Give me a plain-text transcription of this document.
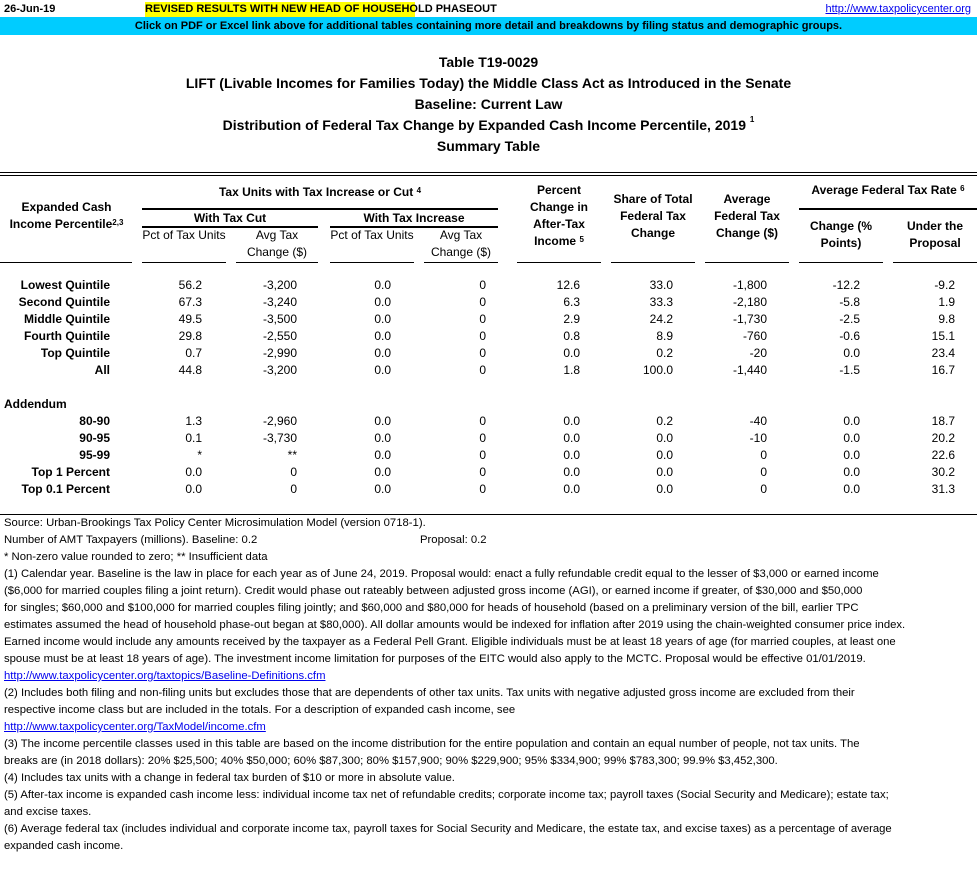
26-Jun-19	REVISED RESULTS WITH NEW HEAD OF HOUSEHOLD PHASEOUT	http://www.taxpolicycenter.org
Click on PDF or Excel link above for additional tables containing more detail and breakdowns by filing status and demographic groups.
Table T19-0029
LIFT (Livable Incomes for Families Today) the Middle Class Act as Introduced in the Senate
Baseline: Current Law
Distribution of Federal Tax Change by Expanded Cash Income Percentile, 2019 $^1$
Summary Table
Expanded Cash Income Percentile$^{2,3}$
Tax Units with Tax Increase or Cut $^4$
With Tax Cut	With Tax Increase
Pct of Tax Units	Avg Tax Change ($)
Pct of Tax Units	Avg Tax Change ($)
Percent Change in After-Tax Income $^5$
Share of Total Federal Tax Change
Average Federal Tax Change ($)
Average Federal Tax Rate $^6$
Change (% Points)
Under the Proposal
Lowest Quintile	56.2	-3,200	0.0	0	12.6	33.0	-1,800	-12.2	-9.2
Second Quintile	67.3	-3,240	0.0	0	6.3	33.3	-2,180	-5.8	1.9
Middle Quintile	49.5	-3,500	0.0	0	2.9	24.2	-1,730	-2.5	9.8
Fourth Quintile	29.8	-2,550	0.0	0	0.8	8.9	-760	-0.6	15.1
Top Quintile	0.7	-2,990	0.0	0	0.0	0.2	-20	0.0	23.4
All	44.8	-3,200	0.0	0	1.8	100.0	-1,440	-1.5	16.7
Addendum
80-90	1.3	-2,960	0.0	0	0.0	0.2	-40	0.0	18.7
90-95	0.1	-3,730	0.0	0	0.0	0.0	-10	0.0	20.2
95-99	*	**	0.0	0	0.0	0.0	0	0.0	22.6
Top 1 Percent	0.0	0	0.0	0	0.0	0.0	0	0.0	30.2
Top 0.1 Percent	0.0	0	0.0	0	0.0	0.0	0	0.0	31.3
Source: Urban-Brookings Tax Policy Center Microsimulation Model (version 0718-1).
Number of AMT Taxpayers (millions). Baseline: 0.2	Proposal: 0.2
* Non-zero value rounded to zero; ** Insufficient data
(1) Calendar year. Baseline is the law in place for each year as of June 24, 2019. Proposal would: enact a fully refundable credit equal to the lesser of $3,000 or earned income
($6,000 for married couples filing a joint return). Credit would phase out rateably between adjusted gross income (AGI), or earned income if greater, of $30,000 and $50,000
for singles; $60,000 and $100,000 for married couples filing jointly; and $60,000 and $80,000 for heads of household (based on a preliminary version of the bill, earlier TPC
estimates assumed the head of household phase-out began at $80,000). All dollar amounts would be indexed for inflation after 2019 using the chain-weighted consumer price index.
Earned income would include any amounts received by the taxpayer as a Federal Pell Grant. Eligible individuals must be at least 18 years of age (for married couples, at least one
spouse must be at least 18 years of age). The investment income limitation for purposes of the EITC would also apply to the MCTC. Proposal would be effective 01/01/2019.
http://www.taxpolicycenter.org/taxtopics/Baseline-Definitions.cfm
(2) Includes both filing and non-filing units but excludes those that are dependents of other tax units. Tax units with negative adjusted gross income are excluded from their
respective income class but are included in the totals. For a description of expanded cash income, see
http://www.taxpolicycenter.org/TaxModel/income.cfm
(3) The income percentile classes used in this table are based on the income distribution for the entire population and contain an equal number of people, not tax units. The
breaks are (in 2018 dollars): 20% $25,500; 40% $50,000; 60% $87,300; 80% $157,900; 90% $229,900; 95% $334,900; 99% $783,300; 99.9% $3,452,300.
(4) Includes tax units with a change in federal tax burden of $10 or more in absolute value.
(5) After-tax income is expanded cash income less: individual income tax net of refundable credits; corporate income tax; payroll taxes (Social Security and Medicare); estate tax;
and excise taxes.
(6) Average federal tax (includes individual and corporate income tax, payroll taxes for Social Security and Medicare, the estate tax, and excise taxes) as a percentage of average
expanded cash income.
